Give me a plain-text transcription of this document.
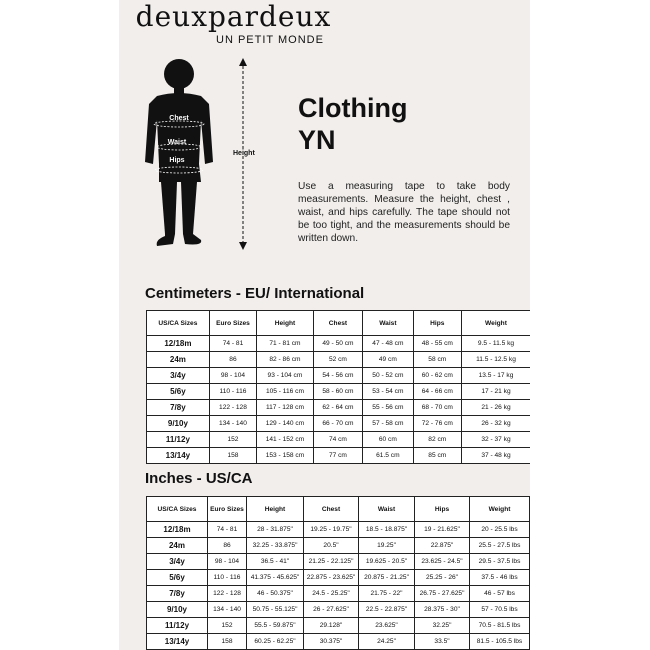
deuxpardeux
UN PETIT MONDE
Chest
Waist
Hips
Height
Clothing
YN
Use a measuring tape to take body measurements. Measure the height, chest , waist, and hips carefully. The tape should not be too tight, and the measurements should be written down.
Centimeters - EU/ International
US/CA Sizes	Euro Sizes	Height	Chest	Waist	Hips	Weight
12/18m	74 - 81	71 - 81 cm	49 - 50 cm	47 - 48 cm	48 - 55 cm	9.5 - 11.5 kg
24m	86	82 - 86 cm	52 cm	49 cm	58 cm	11.5 - 12.5 kg
3/4y	98 - 104	93 - 104 cm	54 - 56 cm	50 - 52 cm	60 - 62 cm	13.5 - 17 kg
5/6y	110 - 116	105 - 116 cm	58 - 60 cm	53 - 54 cm	64 - 66 cm	17 - 21 kg
7/8y	122 - 128	117 - 128 cm	62 - 64 cm	55 - 56 cm	68 - 70 cm	21 - 26 kg
9/10y	134 - 140	129 - 140 cm	66 - 70 cm	57 - 58 cm	72 - 76 cm	26 - 32 kg
11/12y	152	141 - 152 cm	74 cm	60 cm	82 cm	32 - 37 kg
13/14y	158	153 - 158 cm	77 cm	61.5 cm	85 cm	37 - 48 kg
Inches - US/CA
US/CA Sizes	Euro Sizes	Height	Chest	Waist	Hips	Weight
12/18m	74 - 81	28 - 31.875"	19.25 - 19.75"	18.5 - 18.875"	19 - 21.625"	20 - 25.5 lbs
24m	86	32.25 - 33.875"	20.5"	19.25"	22.875"	25.5 - 27.5 lbs
3/4y	98 - 104	36.5 - 41"	21.25 - 22.125"	19.625 - 20.5"	23.625 - 24.5"	29.5 - 37.5 lbs
5/6y	110 - 116	41.375 - 45.625"	22.875 - 23.625"	20.875 - 21.25"	25.25 - 26"	37.5 - 46 lbs
7/8y	122 - 128	46 - 50.375"	24.5 - 25.25"	21.75 - 22"	26.75 - 27.625"	46 - 57 lbs
9/10y	134 - 140	50.75 - 55.125"	26 - 27.625"	22.5 - 22.875"	28.375 - 30"	57 - 70.5 lbs
11/12y	152	55.5 - 59.875"	29.128"	23.625"	32.25"	70.5 - 81.5 lbs
13/14y	158	60.25 - 62.25"	30.375"	24.25"	33.5"	81.5 - 105.5 lbs
